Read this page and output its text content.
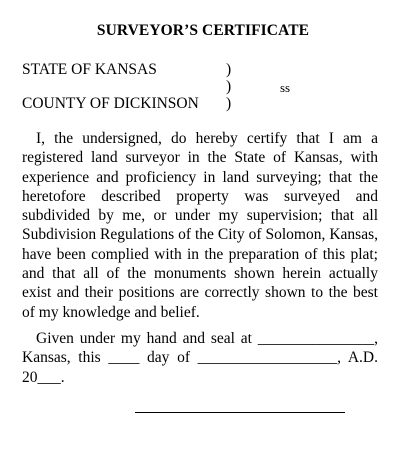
SURVEYOR’S CERTIFICATE
STATE OF KANSAS	)
)	ss
COUNTY OF DICKINSON )
I, the undersigned, do hereby certify that I am a registered land surveyor in the State of Kansas, with experience and proficiency in land surveying; that the heretofore described property was surveyed and subdivided by me, or under my supervision; that all Subdivision Regulations of the City of Solomon, Kansas, have been complied with in the preparation of this plat; and that all of the monuments shown herein actually exist and their positions are correctly shown to the best of my knowledge and belief.
Given under my hand and seal at _______________, Kansas, this ____ day of __________________, A.D. 20___.
